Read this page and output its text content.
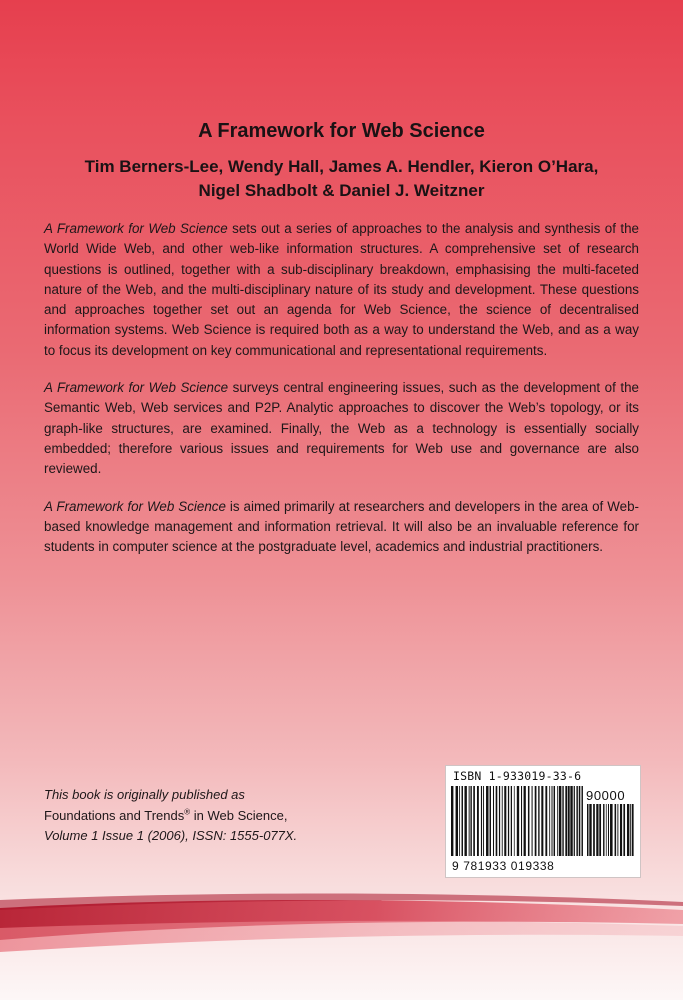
A Framework for Web Science

Tim Berners-Lee, Wendy Hall, James A. Hendler, Kieron O’Hara,
Nigel Shadbolt & Daniel J. Weitzner

A Framework for Web Science sets out a series of approaches to the analysis and synthesis of the World Wide Web, and other web-like information structures. A comprehensive set of research questions is outlined, together with a sub-disciplinary breakdown, emphasising the multi-faceted nature of the Web, and the multi-disciplinary nature of its study and development. These questions and approaches together set out an agenda for Web Science, the science of decentralised information systems. Web Science is required both as a way to understand the Web, and as a way to focus its development on key communicational and representational requirements.

A Framework for Web Science surveys central engineering issues, such as the development of the Semantic Web, Web services and P2P. Analytic approaches to discover the Web’s topology, or its graph-like structures, are examined. Finally, the Web as a technology is essentially socially embedded; therefore various issues and requirements for Web use and governance are also reviewed.

A Framework for Web Science is aimed primarily at researchers and developers in the area of Web-based knowledge management and information retrieval. It will also be an invaluable reference for students in computer science at the postgraduate level, academics and industrial practitioners.

This book is originally published as
Foundations and Trends® in Web Science,
Volume 1 Issue 1 (2006), ISSN: 1555-077X.

ISBN 1-933019-33-6

90000

9 781933 019338
